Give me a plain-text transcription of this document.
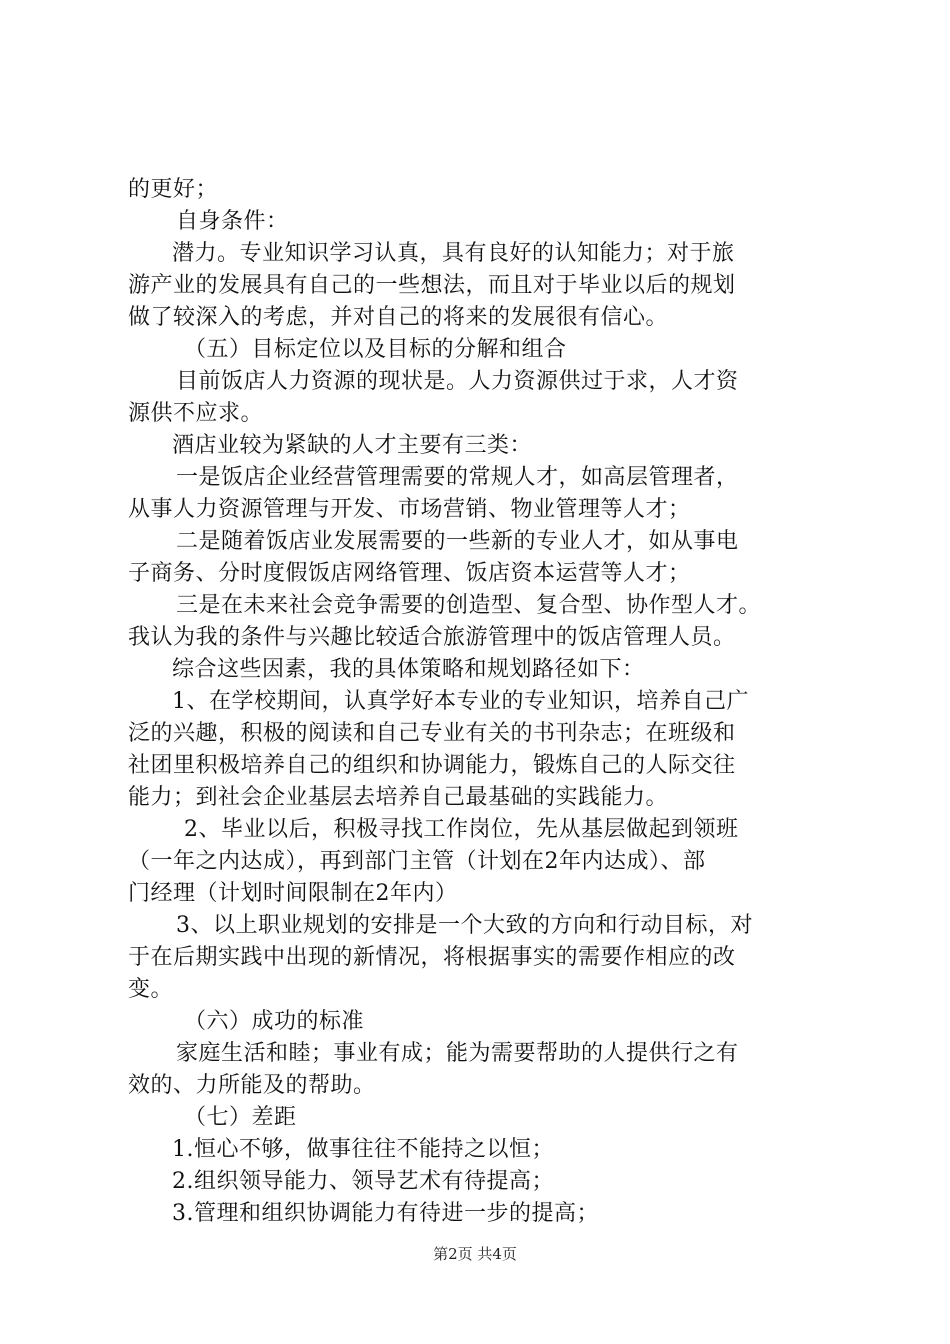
的更好；
自身条件：
潜力。专业知识学习认真，具有良好的认知能力；对于旅
游产业的发展具有自己的一些想法，而且对于毕业以后的规划
做了较深入的考虑，并对自己的将来的发展很有信心。
（五）目标定位以及目标的分解和组合
目前饭店人力资源的现状是。人力资源供过于求，人才资
源供不应求。
酒店业较为紧缺的人才主要有三类：
一是饭店企业经营管理需要的常规人才，如高层管理者，
从事人力资源管理与开发、市场营销、物业管理等人才；
二是随着饭店业发展需要的一些新的专业人才，如从事电
子商务、分时度假饭店网络管理、饭店资本运营等人才；
三是在未来社会竞争需要的创造型、复合型、协作型人才。
我认为我的条件与兴趣比较适合旅游管理中的饭店管理人员。
综合这些因素，我的具体策略和规划路径如下：
1、在学校期间，认真学好本专业的专业知识，培养自己广
泛的兴趣，积极的阅读和自己专业有关的书刊杂志；在班级和
社团里积极培养自己的组织和协调能力，锻炼自己的人际交往
能力；到社会企业基层去培养自己最基础的实践能力。
2、毕业以后，积极寻找工作岗位，先从基层做起到领班
（一年之内达成），再到部门主管（计划在2年内达成）、部
门经理（计划时间限制在2年内）
3、以上职业规划的安排是一个大致的方向和行动目标，对
于在后期实践中出现的新情况，将根据事实的需要作相应的改
变。
（六）成功的标准
家庭生活和睦；事业有成；能为需要帮助的人提供行之有
效的、力所能及的帮助。
（七）差距
1.恒心不够，做事往往不能持之以恒；
2.组织领导能力、领导艺术有待提高；
3.管理和组织协调能力有待进一步的提高；
第2页 共4页
